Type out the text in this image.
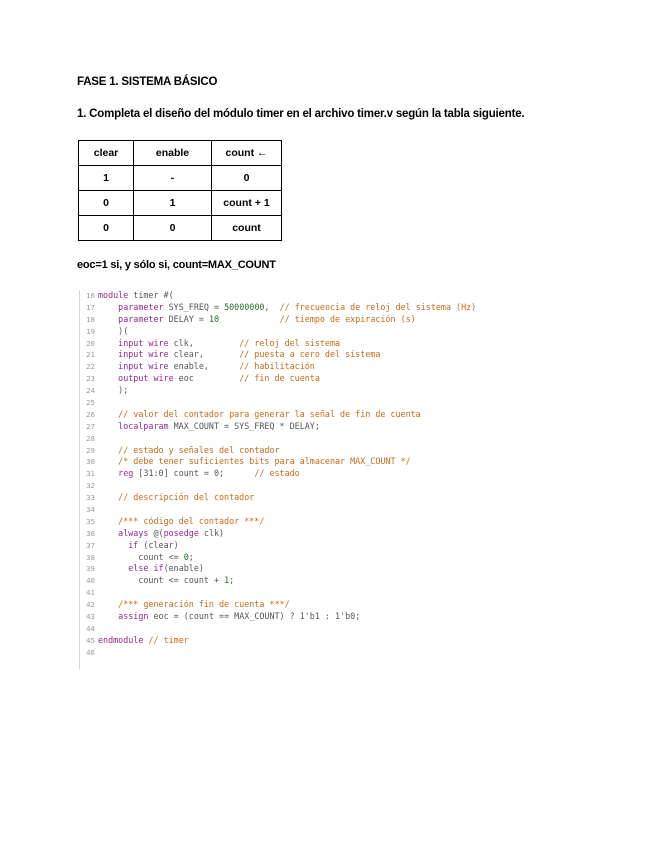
FASE 1. SISTEMA BÁSICO
1. Completa el diseño del módulo timer en el archivo timer.v según la tabla siguiente.
clear	enable	count ←
1	-	0
0	1	count + 1
0	0	count
eoc=1 si, y sólo si, count=MAX_COUNT
16 module timer #(
17	parameter SYS_FREQ = 50000000,  // frecuencia de reloj del sistema (Hz)
18	parameter DELAY = 10	// tiempo de expiración (s)
19 )(
20	input wire clk,         // reloj del sistema
21	input wire clear,       // puesta a cero del sistema
22	input wire enable,      // habilitación
23	output wire eoc         // fin de cuenta
24 );
25
26	// valor del contador para generar la señal de fin de cuenta
27	localparam MAX_COUNT = SYS_FREQ * DELAY;
28
29	// estado y señales del contador
30	/* debe tener suficientes bits para almacenar MAX_COUNT */
31	reg [31:0] count = 0;      // estado
32
33	// descripción del contador
34
35	/*** código del contador ***/
36	always @(posedge clk)
37	if (clear)
38 count <= 0;
39	else if(enable)
40 count <= count + 1;
41
42	/*** generación fin de cuenta ***/
43	assign eoc = (count == MAX_COUNT) ? 1'b1 : 1'b0;
44
45 endmodule // timer
46
